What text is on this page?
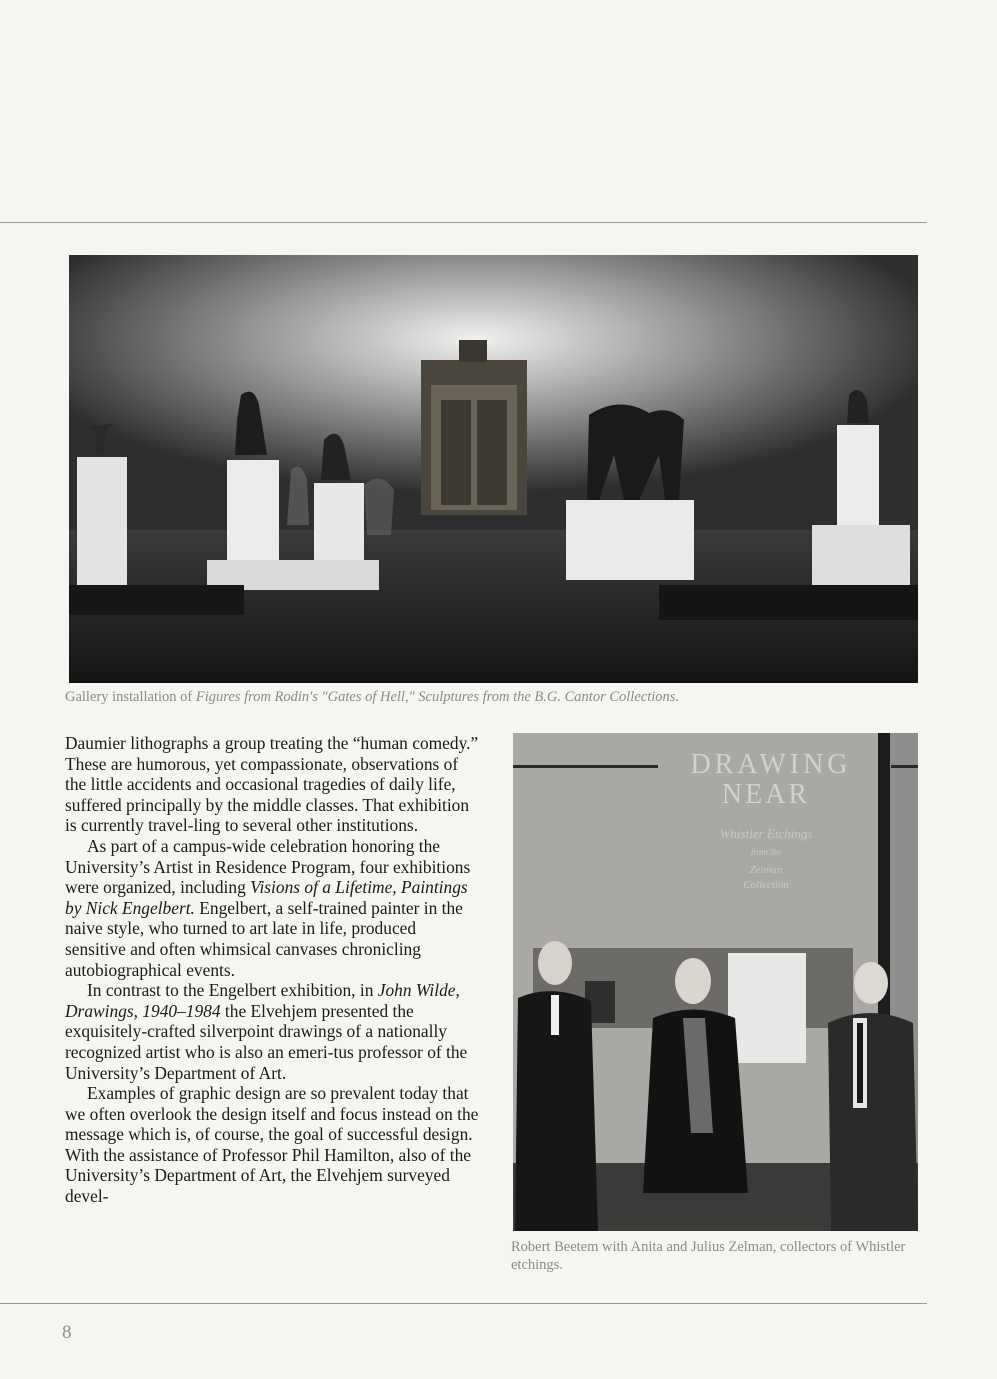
Gallery installation of Figures from Rodin's "Gates of Hell," Sculptures from the B.G. Cantor Collections.

Daumier lithographs a group treating the “human comedy.” These are humorous, yet compassionate, observations of the little accidents and occasional tragedies of daily life, suffered principally by the middle classes. That exhibition is currently travel-ling to several other institutions.

As part of a campus-wide celebration honoring the University’s Artist in Residence Program, four exhibitions were organized, including Visions of a Lifetime, Paintings by Nick Engelbert. Engelbert, a self-trained painter in the naive style, who turned to art late in life, produced sensitive and often whimsical canvases chronicling autobiographical events.

In contrast to the Engelbert exhibition, in John Wilde, Drawings, 1940–1984 the Elvehjem presented the exquisitely-crafted silverpoint drawings of a nationally recognized artist who is also an emeri-tus professor of the University’s Department of Art.

Examples of graphic design are so prevalent today that we often overlook the design itself and focus instead on the message which is, of course, the goal of successful design. With the assistance of Professor Phil Hamilton, also of the University’s Department of Art, the Elvehjem surveyed devel-

DRAWING
NEAR
Whistler Etchings
from the
Zelman
Collection
Robert Beetem with Anita and Julius Zelman, collectors of Whistler etchings.
8
